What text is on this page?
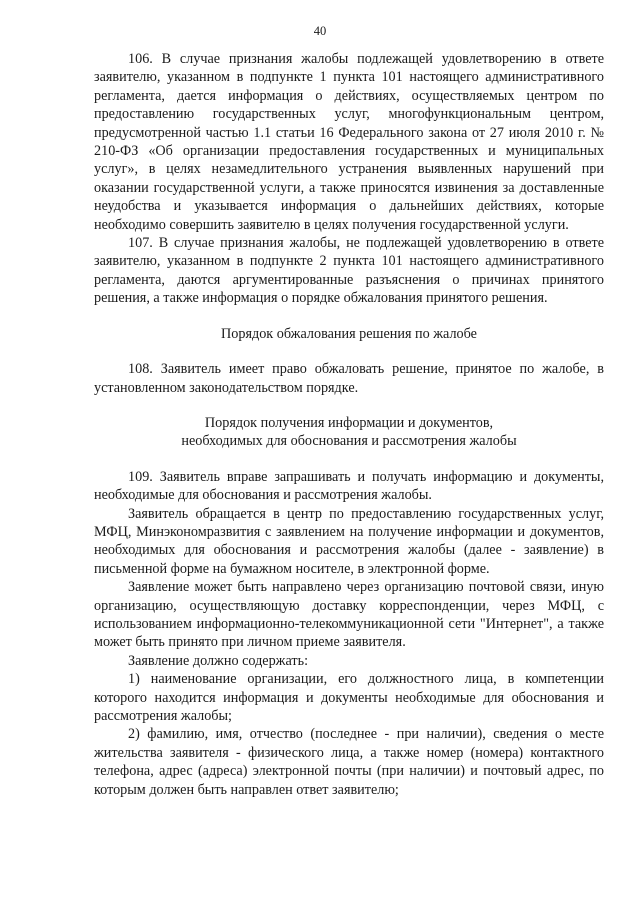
40

106. В случае признания жалобы подлежащей удовлетворению в ответе заявителю, указанном в подпункте 1 пункта 101 настоящего административного регламента, дается информация о действиях, осуществляемых центром по предоставлению государственных услуг, многофункциональным центром, предусмотренной частью 1.1 статьи 16 Федерального закона от 27 июля 2010 г. № 210-ФЗ «Об организации предоставления государственных и муниципальных услуг», в целях незамедлительного устранения выявленных нарушений при оказании государственной услуги, а также приносятся извинения за доставленные неудобства и указывается информация о дальнейших действиях, которые необходимо совершить заявителю в целях получения государственной услуги.

107. В случае признания жалобы, не подлежащей удовлетворению в ответе заявителю, указанном в подпункте 2 пункта 101 настоящего административного регламента, даются аргументированные разъяснения о причинах принятого решения, а также информация о порядке обжалования принятого решения.

Порядок обжалования решения по жалобе

108. Заявитель имеет право обжаловать решение, принятое по жалобе, в установленном законодательством порядке.

Порядок получения информации и документов,

необходимых для обоснования и рассмотрения жалобы

109. Заявитель вправе запрашивать и получать информацию и документы, необходимые для обоснования и рассмотрения жалобы.

Заявитель обращается в центр по предоставлению государственных услуг, МФЦ, Минэкономразвития с заявлением на получение информации и документов, необходимых для обоснования и рассмотрения жалобы (далее - заявление) в письменной форме на бумажном носителе, в электронной форме.

Заявление может быть направлено через организацию почтовой связи, иную организацию, осуществляющую доставку корреспонденции, через МФЦ, с использованием информационно-телекоммуникационной сети "Интернет", а также может быть принято при личном приеме заявителя.

Заявление должно содержать:

1) наименование организации, его должностного лица, в компетенции которого находится информация и документы необходимые для обоснования и рассмотрения жалобы;

2) фамилию, имя, отчество (последнее - при наличии), сведения о месте жительства заявителя - физического лица, а также номер (номера) контактного телефона, адрес (адреса) электронной почты (при наличии) и почтовый адрес, по которым должен быть направлен ответ заявителю;
